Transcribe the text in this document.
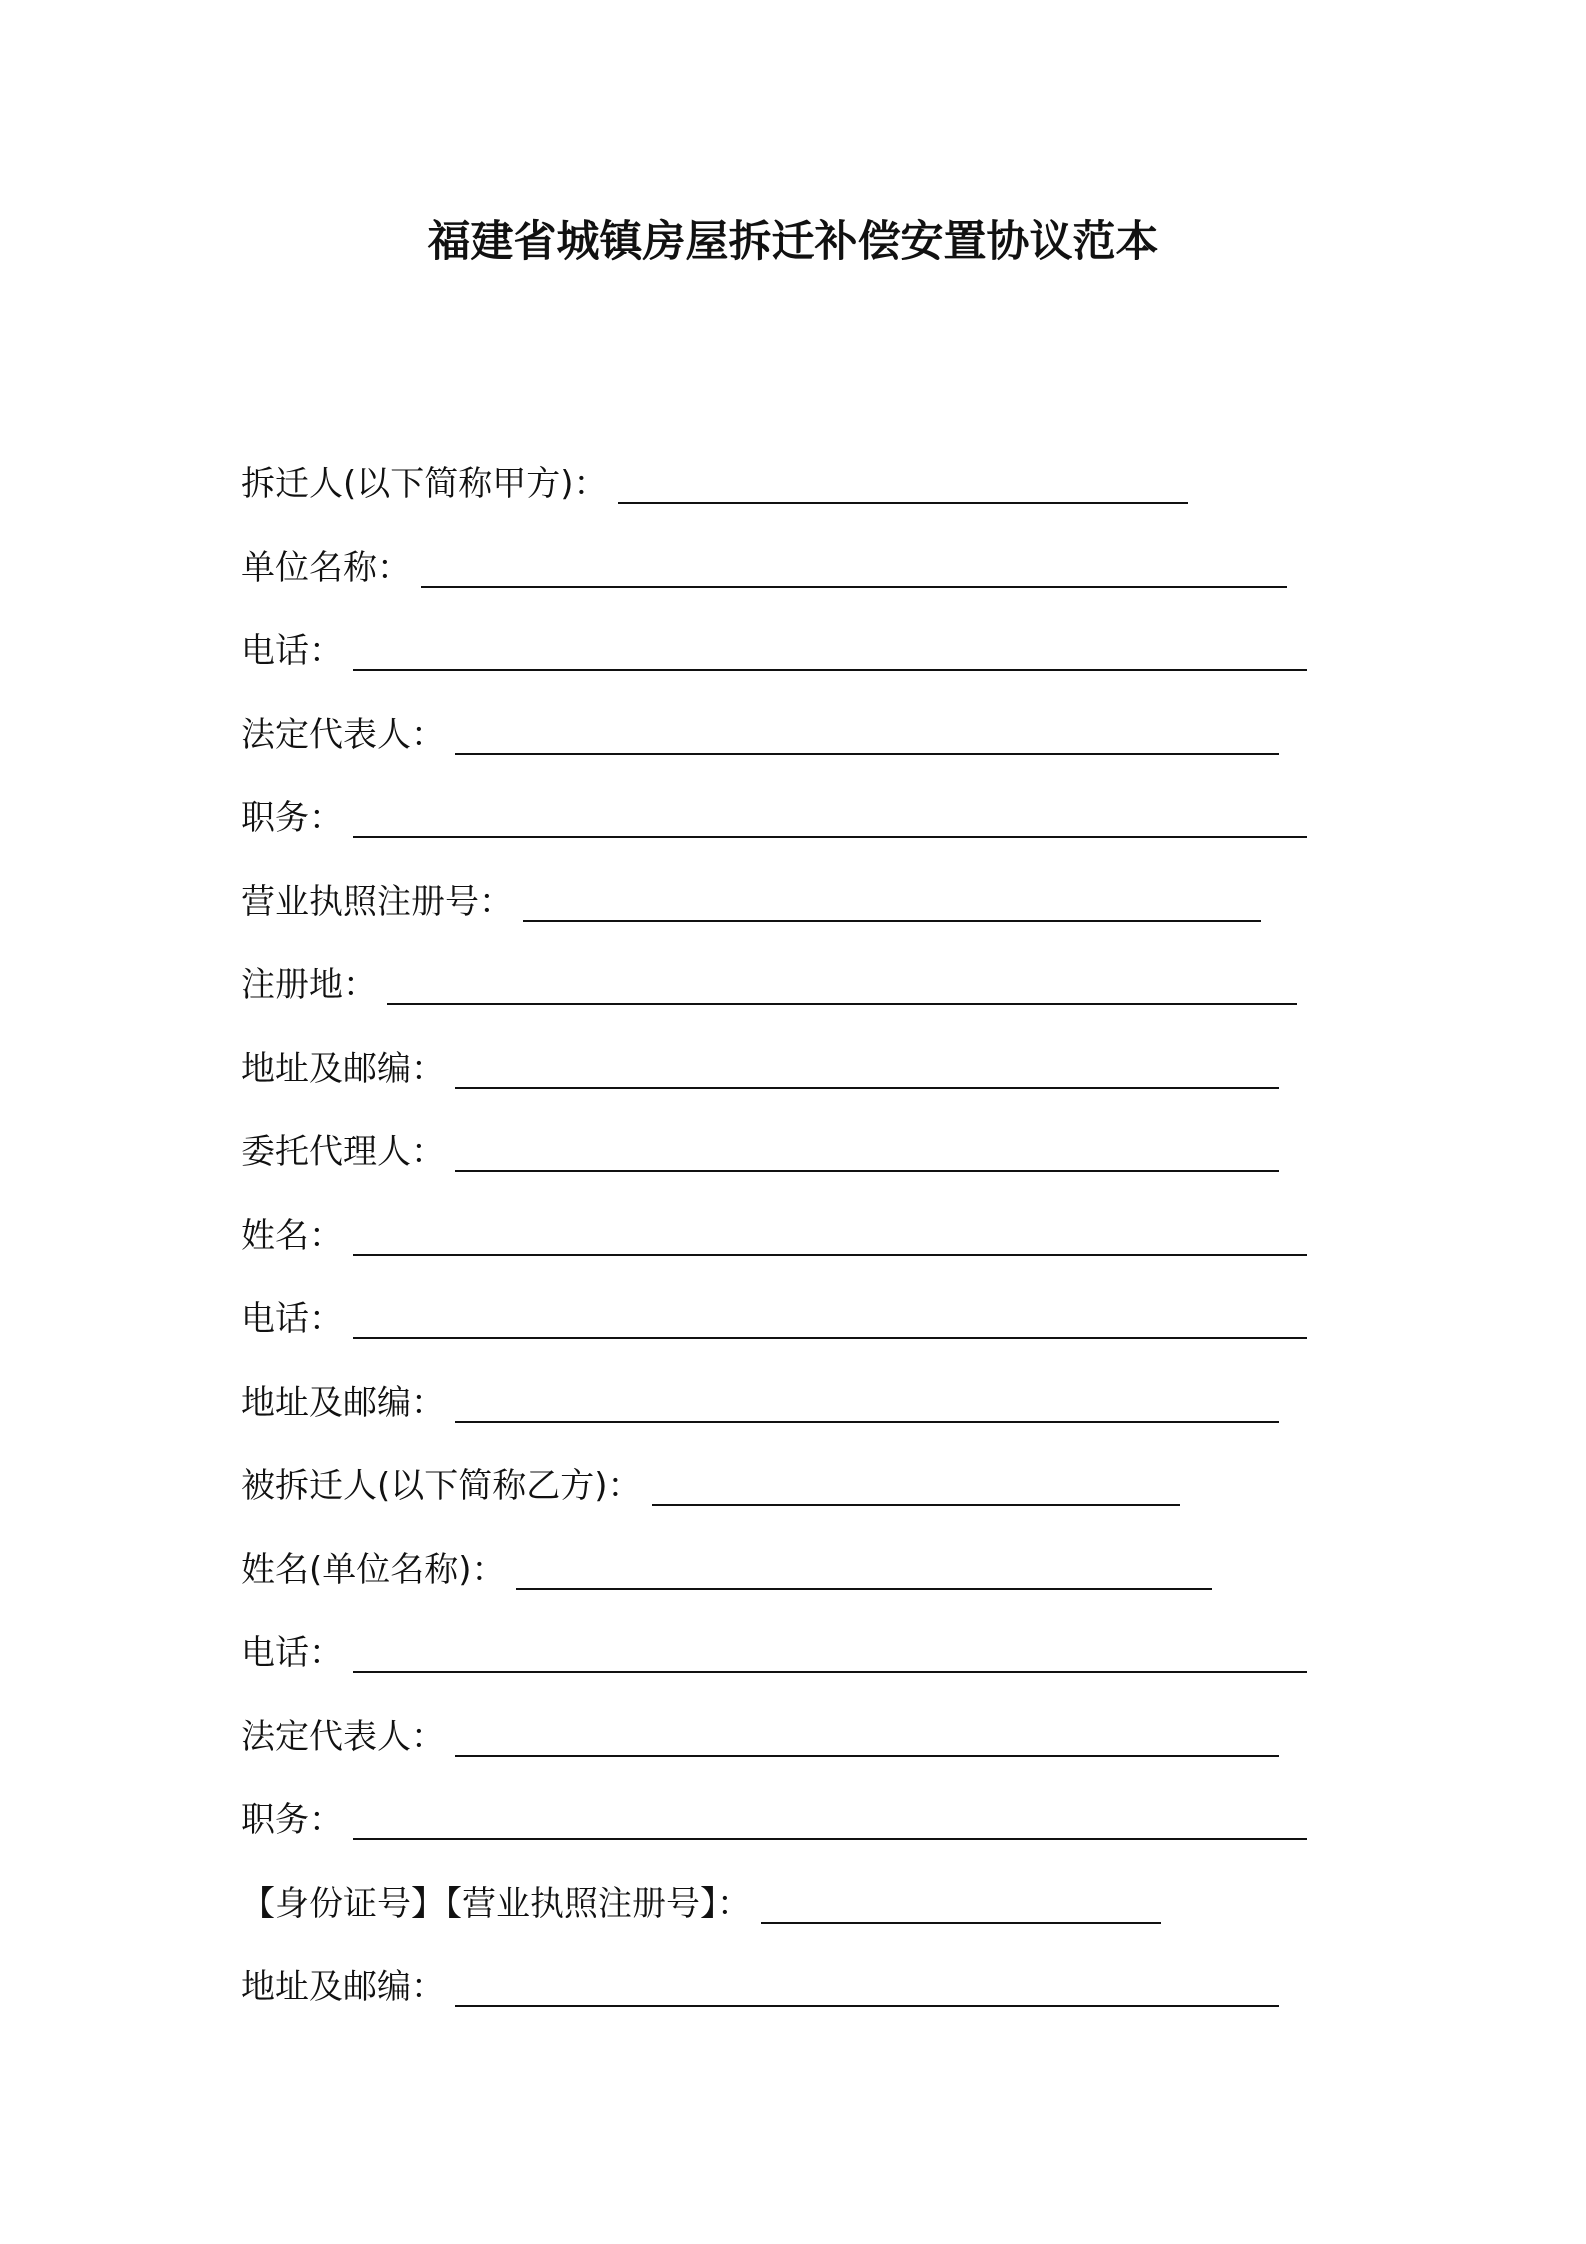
福建省城镇房屋拆迁补偿安置协议范本
拆迁人(以下简称甲方)：
单位名称：
电话：
法定代表人：
职务：
营业执照注册号：
注册地：
地址及邮编：
委托代理人：
姓名：
电话：
地址及邮编：
被拆迁人(以下简称乙方)：
姓名(单位名称)：
电话：
法定代表人：
职务：
【身份证号】【营业执照注册号】：
地址及邮编：
